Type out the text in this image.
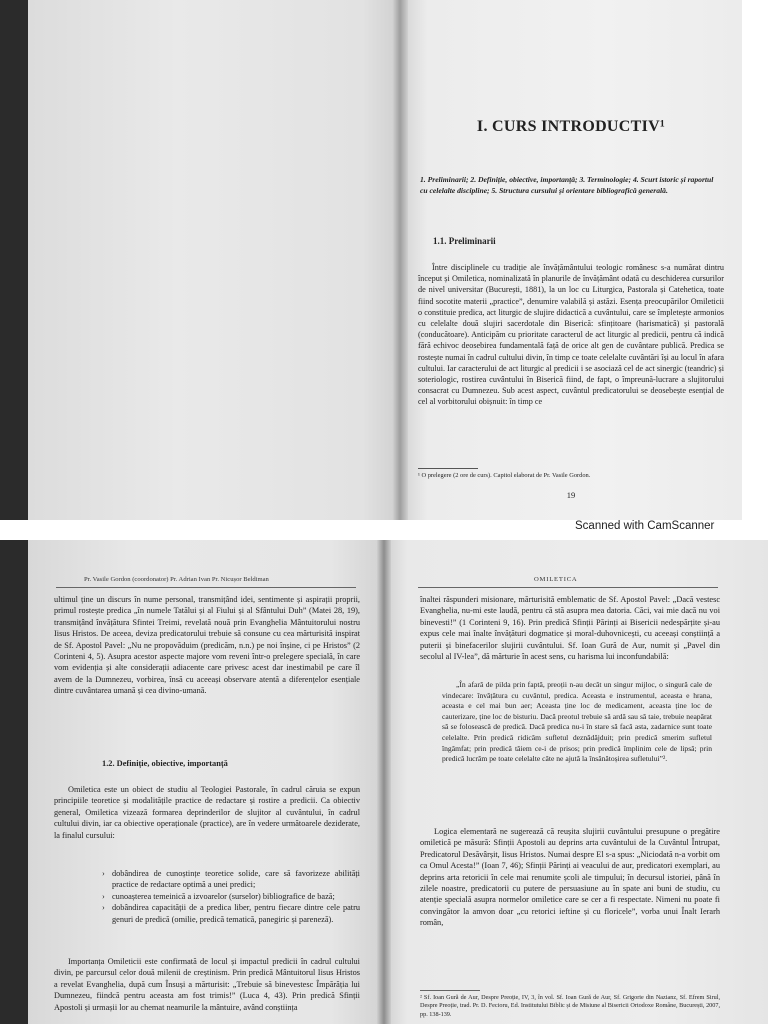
I. CURS INTRODUCTIV¹
1. Preliminarii; 2. Definiție, obiective, importanță; 3. Terminologie; 4. Scurt istoric și raportul cu celelalte discipline; 5. Structura cursului și orientare bibliografică generală.
1.1. Preliminarii
Între disciplinele cu tradiție ale învățământului teologic românesc s-a numărat dintru început și Omiletica, nominalizată în planurile de învățământ odată cu deschiderea cursurilor de nivel universitar (București, 1881), la un loc cu Liturgica, Pastorala și Catehetica, toate fiind socotite materii „practice”, denumire valabilă și astăzi. Esența preocupărilor Omileticii o constituie predica, act liturgic de slujire didactică a cuvântului, care se împletește armonios cu celelalte două slujiri sacerdotale din Biserică: sfințitoare (harismatică) și pastorală (conducătoare). Anticipăm cu prioritate caracterul de act liturgic al predicii, pentru că indică fără echivoc deosebirea fundamentală față de orice alt gen de cuvântare publică. Predica se rostește numai în cadrul cultului divin, în timp ce toate celelalte cuvântări își au locul în afara cultului. Iar caracterului de act liturgic al predicii i se asociază cel de act sinergic (teandric) și soteriologic, rostirea cuvântului în Biserică fiind, de fapt, o împreună-lucrare a slujitorului consacrat cu Dumnezeu. Sub acest aspect, cuvântul predicatorului se deosebește esențial de cel al vorbitorului obișnuit: în timp ce
¹ O prelegere (2 ore de curs). Capitol elaborat de Pr. Vasile Gordon.
19
Scanned with CamScanner
Pr. Vasile Gordon (coordonator) Pr. Adrian Ivan Pr. Nicușor Beldiman

ultimul ține un discurs în nume personal, transmițând idei, sentimente și aspirații proprii, primul rostește predica „în numele Tatălui și al Fiului și al Sfântului Duh” (Matei 28, 19), transmițând învățătura Sfintei Treimi, revelată nouă prin Evanghelia Mântuitorului nostru Iisus Hristos. De aceea, deviza predicatorului trebuie să consune cu cea mărturisită inspirat de Sf. Apostol Pavel: „Nu ne propovăduim (predicăm, n.n.) pe noi înșine, ci pe Hristos” (2 Corinteni 4, 5). Asupra acestor aspecte majore vom reveni într-o prelegere specială, în care vom evidenția și alte considerații adiacente care privesc acest dar inestimabil pe care îl avem de la Dumnezeu, vorbirea, însă cu aceeași observare atentă a diferențelor esențiale dintre cuvântarea umană și cea divino-umană.

1.2. Definiție, obiective, importanță

Omiletica este un obiect de studiu al Teologiei Pastorale, în cadrul căruia se expun principiile teoretice și modalitățile practice de redactare și rostire a predicii. Ca obiectiv general, Omiletica vizează formarea deprinderilor de slujitor al cuvântului, în cadrul cultului divin, iar ca obiective operaționale (practice), are în vedere următoarele deziderate, la finalul cursului:

› dobândirea de cunoștințe teoretice solide, care să favorizeze abilități practice de redactare optimă a unei predici;
› cunoașterea temeinică a izvoarelor (surselor) bibliografice de bază;
› dobândirea capacității de a predica liber, pentru fiecare dintre cele patru genuri de predică (omilie, predică tematică, panegiric și pareneză).

Importanța Omileticii este confirmată de locul și impactul predicii în cadrul cultului divin, pe parcursul celor două milenii de creștinism. Prin predică Mântuitorul Iisus Hristos a revelat Evanghelia, după cum Însuși a mărturisit: „Trebuie să binevestesc Împărăția lui Dumnezeu, fiindcă pentru aceasta am fost trimis!” (Luca 4, 43). Prin predică Sfinții Apostoli și urmașii lor au chemat neamurile la mântuire, având conștiința

OMILETICA

înaltei răspunderi misionare, mărturisită emblematic de Sf. Apostol Pavel: „Dacă vestesc Evanghelia, nu-mi este laudă, pentru că stă asupra mea datoria. Căci, vai mie dacă nu voi binevesti!” (1 Corinteni 9, 16). Prin predică Sfinții Părinți ai Bisericii nedespărțite și-au expus cele mai înalte învățături dogmatice și moral-duhovnicești, cu aceeași conștiință a puterii și binefacerilor slujirii cuvântului. Sf. Ioan Gură de Aur, numit și „Pavel din secolul al IV-lea”, dă mărturie în acest sens, cu harisma lui inconfundabilă:

„În afară de pilda prin faptă, preoții n-au decât un singur mijloc, o singură cale de vindecare: învățătura cu cuvântul, predica. Aceasta e instrumentul, aceasta e hrana, aceasta e cel mai bun aer; Aceasta ține loc de medicament, aceasta ține loc de cauterizare, ține loc de bisturiu. Dacă preotul trebuie să ardă sau să taie, trebuie neapărat să se folosească de predică. Dacă predica nu-i în stare să facă asta, zadarnice sunt toate celelalte. Prin predică ridicăm sufletul deznădăjduit; prin predică smerim sufletul îngâmfat; prin predică tăiem ce-i de prisos; prin predică împlinim cele de lipsă; prin predică lucrăm pe toate celelalte câte ne ajută la însănătoșirea sufletului”².

Logica elementară ne sugerează că reușita slujirii cuvântului presupune o pregătire omiletică pe măsură: Sfinții Apostoli au deprins arta cuvântului de la Cuvântul Întrupat, Predicatorul Desăvârșit, Iisus Hristos. Numai despre El s-a spus: „Niciodată n-a vorbit om ca Omul Acesta!” (Ioan 7, 46); Sfinții Părinți ai veacului de aur, predicatori exemplari, au deprins arta retoricii în cele mai renumite școli ale timpului; în decursul istoriei, până în zilele noastre, predicatorii cu putere de persuasiune au în spate ani buni de studiu, cu atenție specială asupra normelor omiletice care se cer a fi respectate. Nimeni nu poate fi convingător la amvon doar „cu retorici ieftine și cu floricele”, vorba unui Înalt Ierarh român,

² Sf. Ioan Gură de Aur, Despre Preoție, IV, 3, în vol. Sf. Ioan Gură de Aur, Sf. Grigorie din Nazianz, Sf. Efrem Sirul, Despre Preoție, trad. Pr. D. Fecioru, Ed. Institutului Biblic și de Misiune al Bisericii Ortodoxe Române, București, 2007, pp. 138-139.
